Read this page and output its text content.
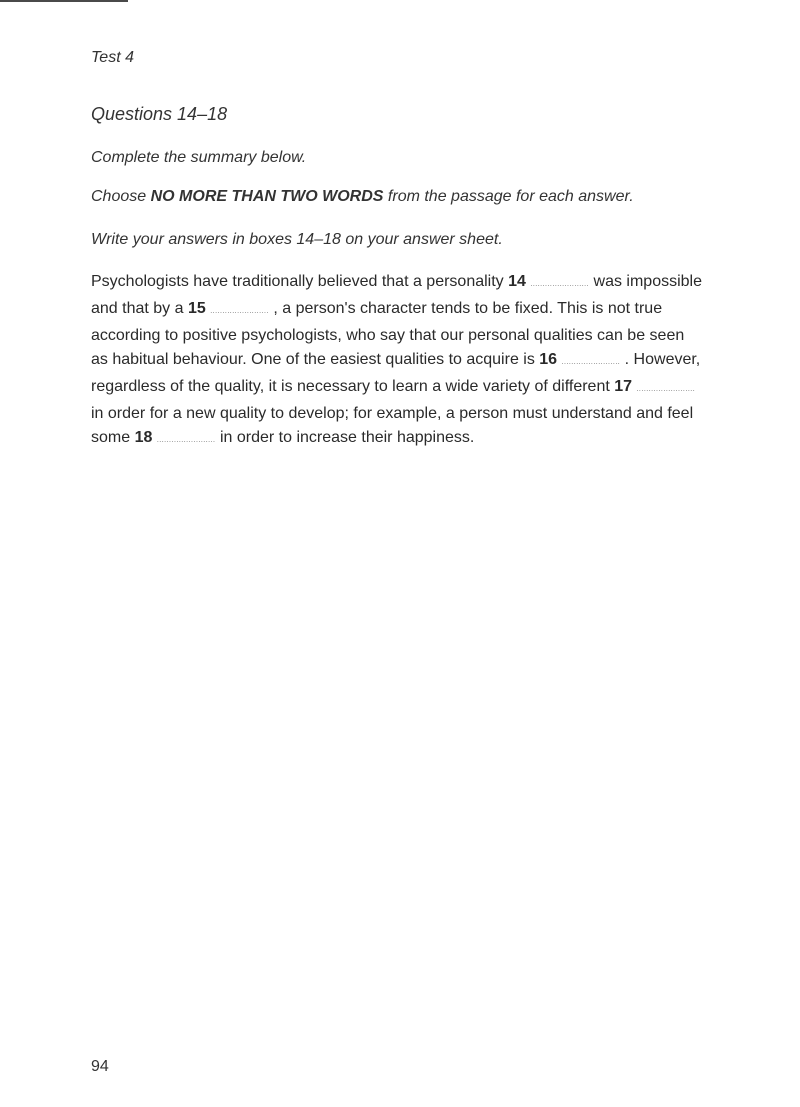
Test 4
Questions 14–18
Complete the summary below.
Choose NO MORE THAN TWO WORDS from the passage for each answer.
Write your answers in boxes 14–18 on your answer sheet.
Psychologists have traditionally believed that a personality 14 ........................ was impossible
and that by a 15 ........................ , a person's character tends to be fixed. This is not true
according to positive psychologists, who say that our personal qualities can be seen
as habitual behaviour. One of the easiest qualities to acquire is 16 ........................ . However,
regardless of the quality, it is necessary to learn a wide variety of different 17 ........................
in order for a new quality to develop; for example, a person must understand and feel
some 18 ........................ in order to increase their happiness.
94
